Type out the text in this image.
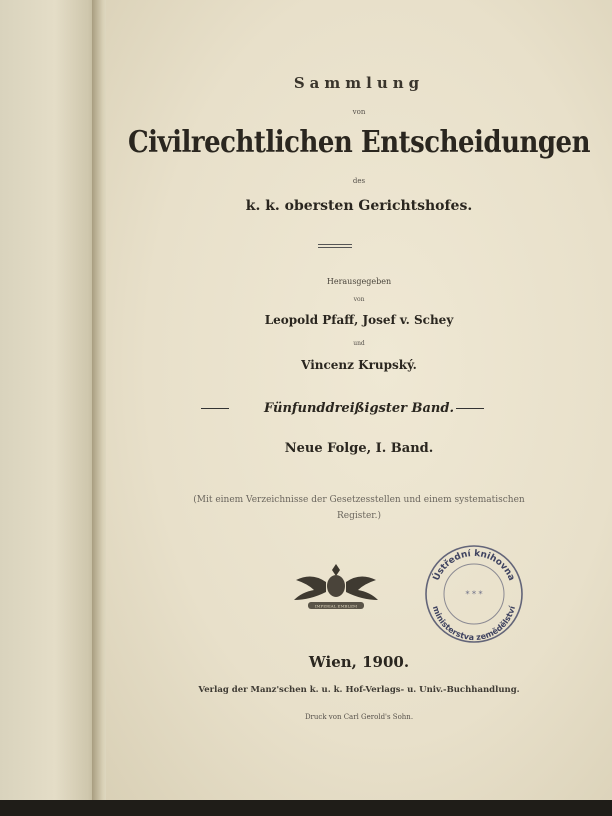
Sammlung
von
Civilrechtlichen Entscheidungen
des
k. k. obersten Gerichtshofes.
Herausgegeben
von
Leopold Pfaff, Josef v. Schey
und
Vincenz Krupský.
Fünfunddreißigster Band.
Neue Folge, I. Band.
(Mit einem Verzeichnisse der Gesetzesstellen und einem systematischen
Register.)
IMPERIAL EMBLEM
Ústřední knihovna
ministerstva zemědělství
* * *
Wien, 1900.
Verlag der Manz'schen k. u. k. Hof-Verlags- u. Univ.-Buchhandlung.
Druck von Carl Gerold's Sohn.
